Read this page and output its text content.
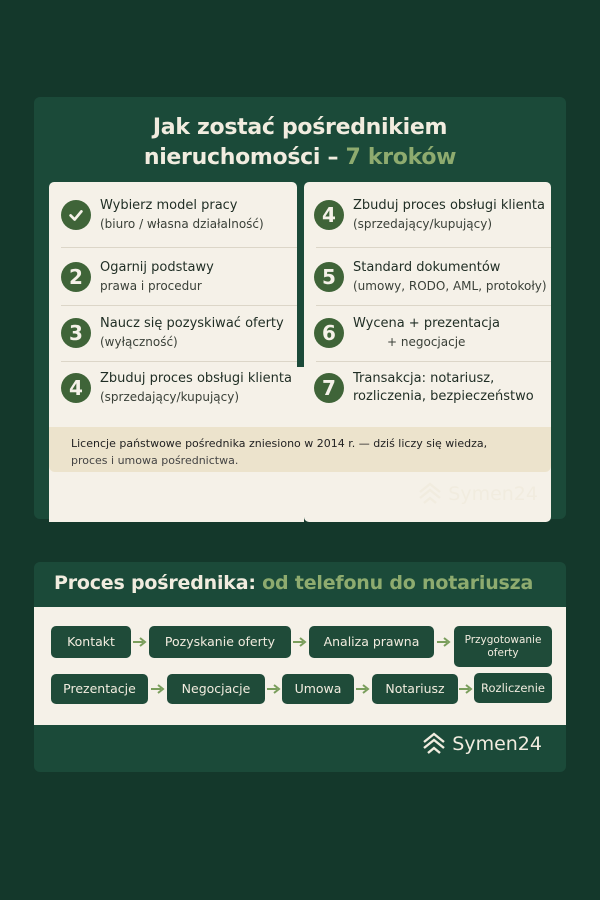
Jak zostać pośrednikiem
nieruchomości – 7 kroków
Wybierz model pracy
(biuro / własna działalność)
2	Ogarnij podstawy
prawa i procedur
3	Naucz się pozyskiwać oferty
(wyłączność)
4	Zbuduj proces obsługi klienta
(sprzedający/kupujący)
4	Zbuduj proces obsługi klienta
(sprzedający/kupujący)
5	Standard dokumentów
(umowy, RODO, AML, protokoły)
6	Wycena + prezentacja
+ negocjacje
7	Transakcja: notariusz,
rozliczenia, bezpieczeństwo
Licencje państwowe pośrednika zniesiono w 2014 r. — dziś liczy się wiedza,
proces i umowa pośrednictwa.
Symen24
Proces pośrednika: od telefonu do notariusza
Kontakt	Pozyskanie oferty	Analiza prawna	Przygotowanie oferty
Prezentacje	Negocjacje	Umowa	Notariusz	Rozliczenie
Symen24
